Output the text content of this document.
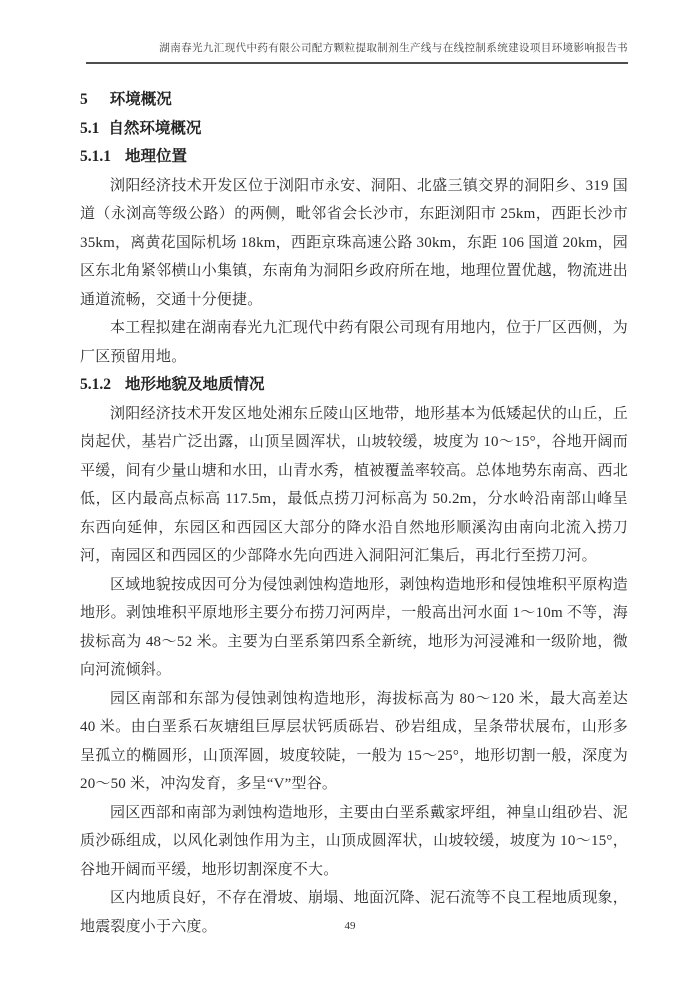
湖南春光九汇现代中药有限公司配方颗粒提取制剂生产线与在线控制系统建设项目环境影响报告书
5 环境概况
5.1 自然环境概况
5.1.1 地理位置

浏阳经济技术开发区位于浏阳市永安、洞阳、北盛三镇交界的洞阳乡、319 国道（永浏高等级公路）的两侧，毗邻省会长沙市，东距浏阳市 25km，西距长沙市 35km，离黄花国际机场 18km，西距京珠高速公路 30km，东距 106 国道 20km，园区东北角紧邻横山小集镇，东南角为洞阳乡政府所在地，地理位置优越，物流进出通道流畅，交通十分便捷。

本工程拟建在湖南春光九汇现代中药有限公司现有用地内，位于厂区西侧，为厂区预留用地。

5.1.2 地形地貌及地质情况

浏阳经济技术开发区地处湘东丘陵山区地带，地形基本为低矮起伏的山丘，丘岗起伏，基岩广泛出露，山顶呈圆浑状，山坡较缓，坡度为 10～15°，谷地开阔而平缓，间有少量山塘和水田，山青水秀，植被覆盖率较高。总体地势东南高、西北低，区内最高点标高 117.5m，最低点捞刀河标高为 50.2m，分水岭沿南部山峰呈东西向延伸，东园区和西园区大部分的降水沿自然地形顺溪沟由南向北流入捞刀河，南园区和西园区的少部降水先向西进入洞阳河汇集后，再北行至捞刀河。

区域地貌按成因可分为侵蚀剥蚀构造地形，剥蚀构造地形和侵蚀堆积平原构造地形。剥蚀堆积平原地形主要分布捞刀河两岸，一般高出河水面 1～10m 不等，海拔标高为 48～52 米。主要为白垩系第四系全新统，地形为河浸滩和一级阶地，微向河流倾斜。

园区南部和东部为侵蚀剥蚀构造地形，海拔标高为 80～120 米，最大高差达 40 米。由白垩系石灰塘组巨厚层状钙质砾岩、砂岩组成，呈条带状展布，山形多呈孤立的椭圆形，山顶浑圆，坡度较陡，一般为 15～25°，地形切割一般，深度为 20～50 米，冲沟发育，多呈“V”型谷。

园区西部和南部为剥蚀构造地形，主要由白垩系戴家坪组，神皇山组砂岩、泥质沙砾组成，以风化剥蚀作用为主，山顶成圆浑状，山坡较缓，坡度为 10～15°，谷地开阔而平缓，地形切割深度不大。

区内地质良好，不存在滑坡、崩塌、地面沉降、泥石流等不良工程地质现象，地震裂度小于六度。	49
